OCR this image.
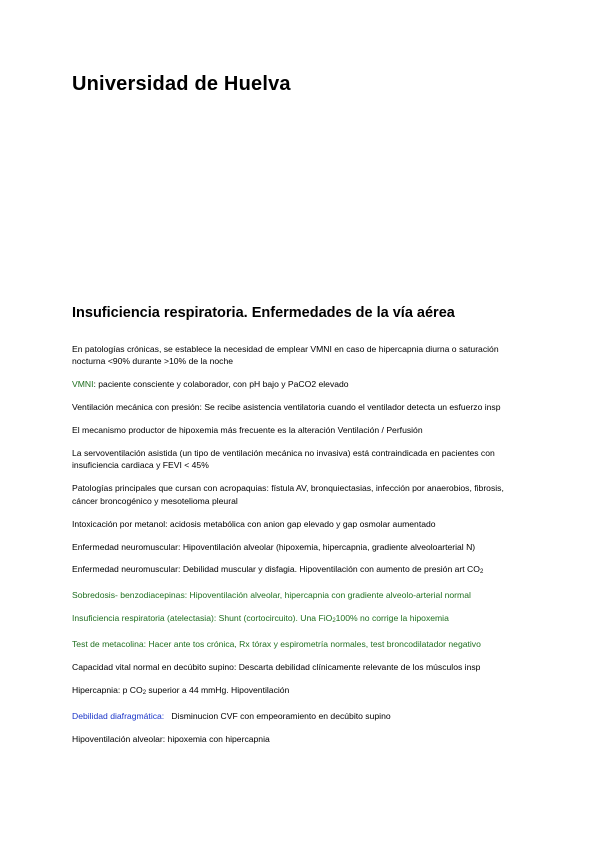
Universidad de Huelva
Insuficiencia respiratoria. Enfermedades de la vía aérea

En patologías crónicas, se establece la necesidad de emplear VMNI en caso de hipercapnia diurna o saturación nocturna <90% durante >10% de la noche

VMNI: paciente consciente y colaborador, con pH bajo y PaCO2 elevado

Ventilación mecánica con presión: Se recibe asistencia ventilatoria cuando el ventilador detecta un esfuerzo insp

El mecanismo productor de hipoxemia más frecuente es la alteración Ventilación / Perfusión

La servoventilación asistida (un tipo de ventilación mecánica no invasiva) está contraindicada en pacientes con insuficiencia cardiaca y FEVI < 45%

Patologías principales que cursan con acropaquias: fístula AV, bronquiectasias, infección por anaerobios, fibrosis, cáncer broncogénico y mesotelioma pleural

Intoxicación por metanol: acidosis metabólica con anion gap elevado y gap osmolar aumentado

Enfermedad neuromuscular: Hipoventilación alveolar (hipoxemia, hipercapnia, gradiente alveoloarterial N)

Enfermedad neuromuscular: Debilidad muscular y disfagia. Hipoventilación con aumento de presión art $CO_2$

Sobredosis- benzodiacepinas: Hipoventilación alveolar, hipercapnia con gradiente alveolo-arterial normal

Insuficiencia respiratoria (atelectasia): Shunt (cortocircuito). Una FiO$_2$100% no corrige la hipoxemia

Test de metacolina: Hacer ante tos crónica, Rx tórax y espirometría normales, test broncodilatador negativo

Capacidad vital normal en decúbito supino: Descarta debilidad clínicamente relevante de los músculos insp

Hipercapnia: p $CO_2$ superior a 44 mmHg. Hipoventilación

Debilidad diafragmática:   Disminucion CVF con empeoramiento en decúbito supino

Hipoventilación alveolar: hipoxemia con hipercapnia
